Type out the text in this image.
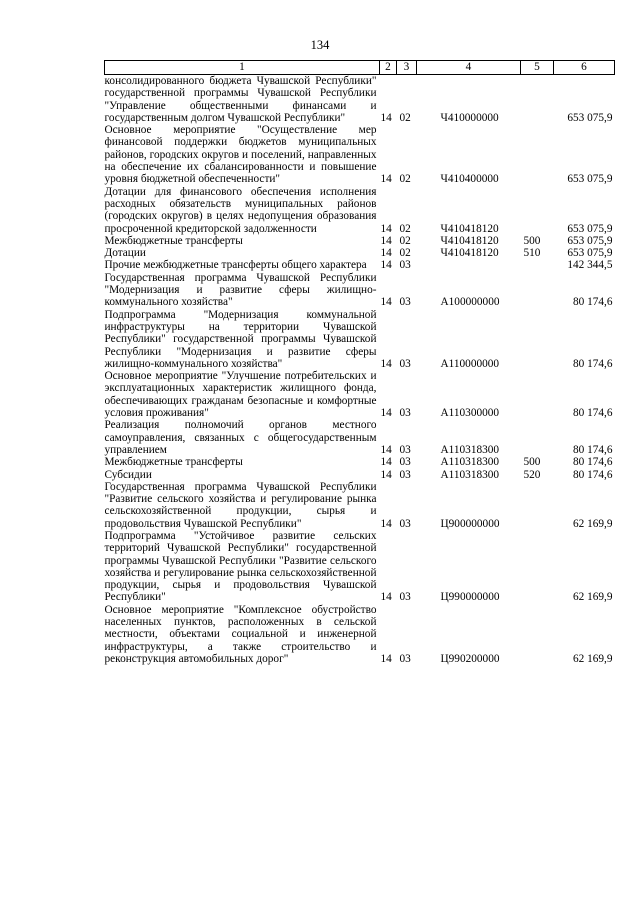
134
1	2	3	4	5	6
консолидированного бюджета Чувашской Республики" государственной программы Чувашской Республики "Управление общественными финансами и государственным долгом Чувашской Республики"	14	02	Ч410000000		653 075,9
Основное мероприятие "Осуществление мер финансовой поддержки бюджетов муниципальных районов, городских округов и поселений, направленных на обеспечение их сбалансированности и повышение уровня бюджетной обеспеченности"	14	02	Ч410400000		653 075,9
Дотации для финансового обеспечения исполнения расходных обязательств муниципальных районов (городских округов) в целях недопущения образования просроченной кредиторской задолженности	14	02	Ч410418120		653 075,9
Межбюджетные трансферты	14	02	Ч410418120	500	653 075,9
Дотации	14	02	Ч410418120	510	653 075,9
Прочие межбюджетные трансферты общего характера	14	03			142 344,5
Государственная программа Чувашской Республики "Модернизация и развитие сферы жилищно-коммунального хозяйства"	14	03	А100000000		80 174,6
Подпрограмма "Модернизация коммунальной инфраструктуры на территории Чувашской Республики" государственной программы Чувашской Республики "Модернизация и развитие сферы жилищно-коммунального хозяйства"	14	03	А110000000		80 174,6
Основное мероприятие "Улучшение потребительских и эксплуатационных характеристик жилищного фонда, обеспечивающих гражданам безопасные и комфортные условия проживания"	14	03	А110300000		80 174,6
Реализация полномочий органов местного самоуправления, связанных с общегосударственным управлением	14	03	А110318300		80 174,6
Межбюджетные трансферты	14	03	А110318300	500	80 174,6
Субсидии	14	03	А110318300	520	80 174,6
Государственная программа Чувашской Республики "Развитие сельского хозяйства и регулирование рынка сельскохозяйственной продукции, сырья и продовольствия Чувашской Республики"	14	03	Ц900000000		62 169,9
Подпрограмма "Устойчивое развитие сельских территорий Чувашской Республики" государственной программы Чувашской Республики "Развитие сельского хозяйства и регулирование рынка сельскохозяйственной продукции, сырья и продовольствия Чувашской Республики"	14	03	Ц990000000		62 169,9
Основное мероприятие "Комплексное обустройство населенных пунктов, расположенных в сельской местности, объектами социальной и инженерной инфраструктуры, а также строительство и реконструкция автомобильных дорог"	14	03	Ц990200000		62 169,9
